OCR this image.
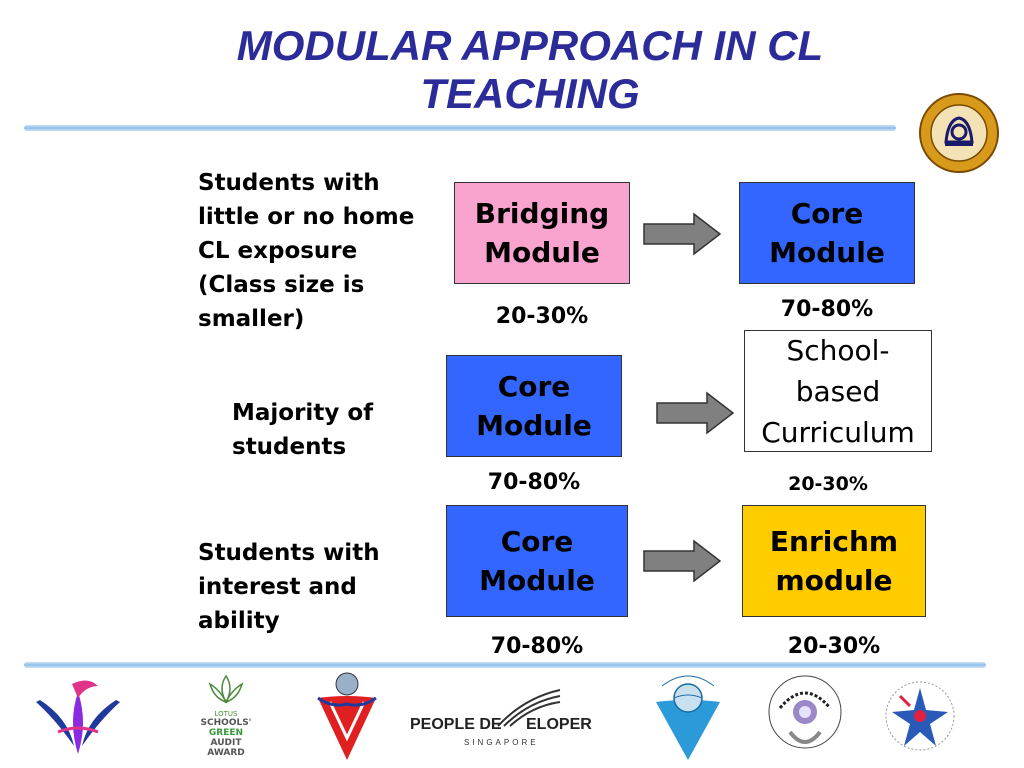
MODULAR APPROACH IN CL TEACHING
Students with little or no home CL exposure (Class size is smaller)
Bridging
Module
Core
Module
20-30%	70-80%
Majority of students
Core
Module
School-
based
Curriculum
70-80%	20-30%
Students with interest and ability
Core
Module
Enrichm
module
70-80%	20-30%
LOTUS
SCHOOLS'
GREEN
AUDIT
AWARD
PEOPLE DE ELOPER
SINGAPORE
